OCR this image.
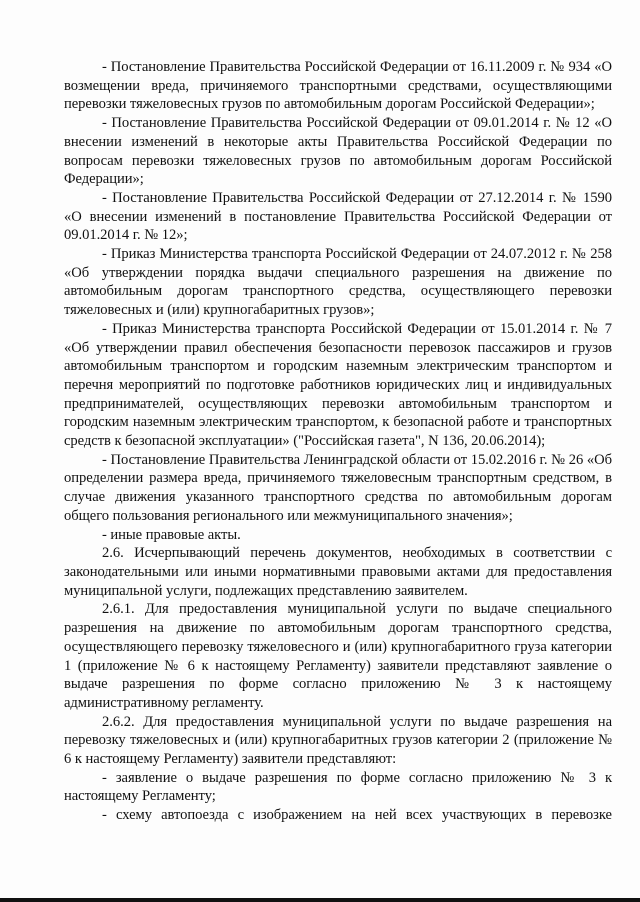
- Постановление Правительства Российской Федерации от 16.11.2009 г. № 934 «О возмещении вреда, причиняемого транспортными средствами, осуществляющими перевозки тяжеловесных грузов по автомобильным дорогам Российской Федерации»;

- Постановление Правительства Российской Федерации от 09.01.2014 г. № 12 «О внесении изменений в некоторые акты Правительства Российской Федерации по вопросам перевозки тяжеловесных грузов по автомобильным дорогам Российской Федерации»;

- Постановление Правительства Российской Федерации от 27.12.2014 г. № 1590 «О внесении изменений в постановление Правительства Российской Федерации от 09.01.2014 г. № 12»;

- Приказ Министерства транспорта Российской Федерации от 24.07.2012 г. № 258 «Об утверждении порядка выдачи специального разрешения на движение по автомобильным дорогам транспортного средства, осуществляющего перевозки тяжеловесных и (или) крупногабаритных грузов»;

- Приказ Министерства транспорта Российской Федерации от 15.01.2014 г. № 7 «Об утверждении правил обеспечения безопасности перевозок пассажиров и грузов автомобильным транспортом и городским наземным электрическим транспортом и перечня мероприятий по подготовке работников юридических лиц и индивидуальных предпринимателей, осуществляющих перевозки автомобильным транспортом и городским наземным электрическим транспортом, к безопасной работе и транспортных средств к безопасной эксплуатации» ("Российская газета", N 136, 20.06.2014);

- Постановление Правительства Ленинградской области от 15.02.2016 г. № 26 «Об определении размера вреда, причиняемого тяжеловесным транспортным средством, в случае движения указанного транспортного средства по автомобильным дорогам общего пользования регионального или межмуниципального значения»;

- иные правовые акты.

2.6. Исчерпывающий перечень документов, необходимых в соответствии с законодательными или иными нормативными правовыми актами для предоставления муниципальной услуги, подлежащих представлению заявителем.

2.6.1. Для предоставления муниципальной услуги по выдаче специального разрешения на движение по автомобильным дорогам транспортного средства, осуществляющего перевозку тяжеловесного и (или) крупногабаритного груза категории 1 (приложение № 6 к настоящему Регламенту) заявители представляют заявление о выдаче разрешения по форме согласно приложению № 3 к настоящему административному регламенту.

2.6.2. Для предоставления муниципальной услуги по выдаче разрешения на перевозку тяжеловесных и (или) крупногабаритных грузов категории 2 (приложение № 6 к настоящему Регламенту) заявители представляют:

- заявление о выдаче разрешения по форме согласно приложению № 3 к настоящему Регламенту;

- схему автопоезда с изображением на ней всех участвующих в перевозке
